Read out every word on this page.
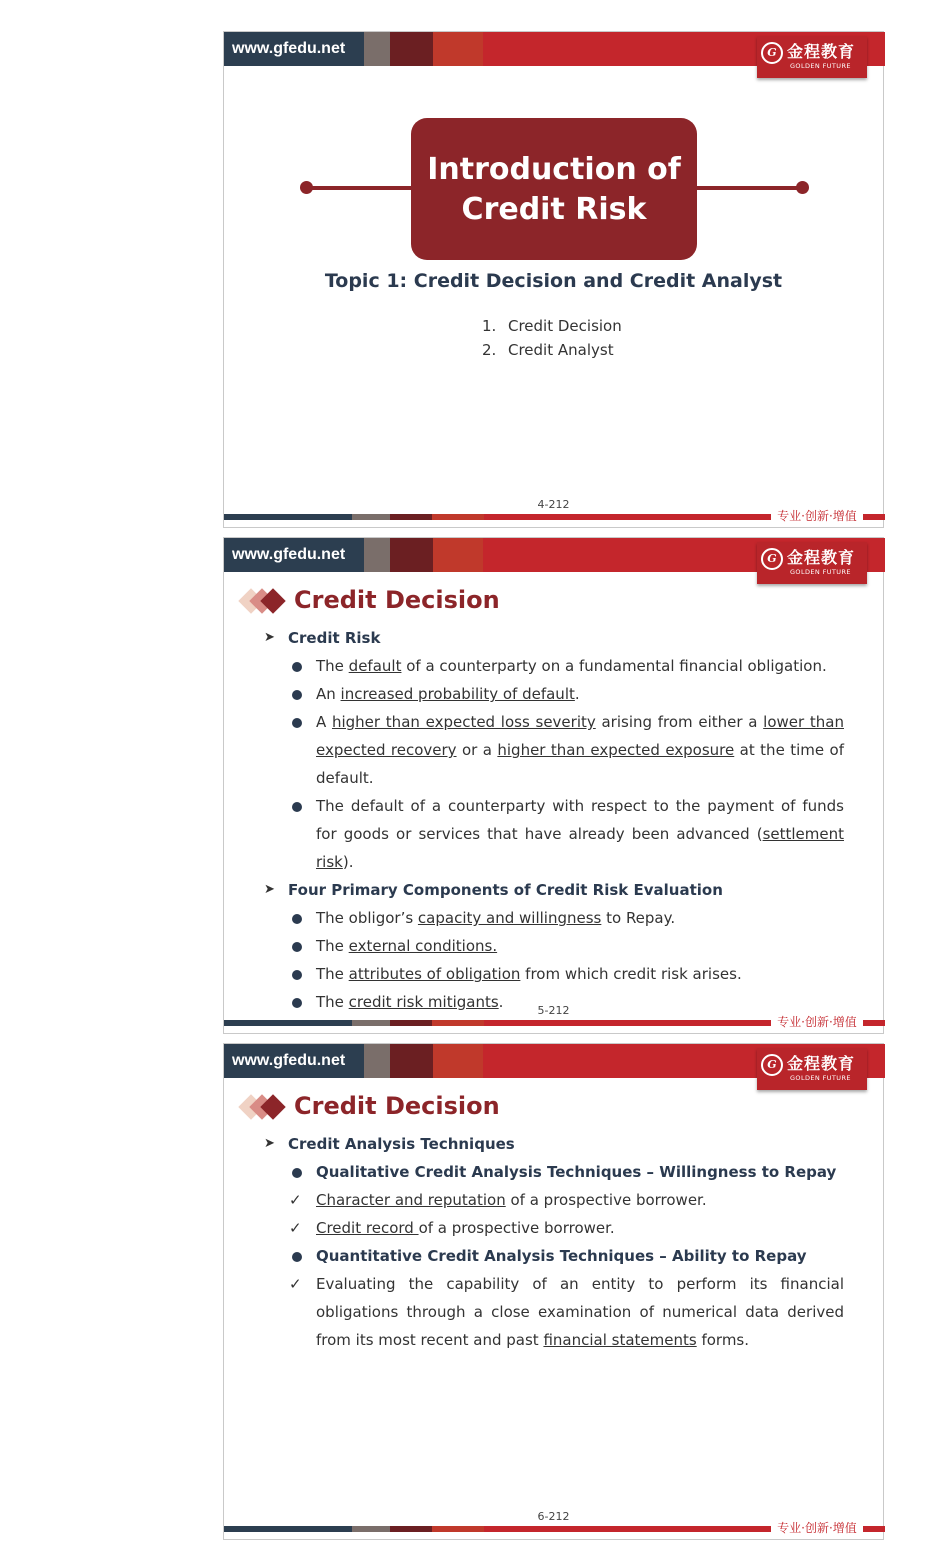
www.gfedu.net	G 金程教育
GOLDEN FUTURE
Introduction of
Credit Risk
Topic 1: Credit Decision and Credit Analyst
1. Credit Decision
2. Credit Analyst
4-212
专业·创新·增值
www.gfedu.net	G 金程教育
GOLDEN FUTURE
Credit Decision
➤ Credit Risk
The default of a counterparty on a fundamental financial obligation.
An increased probability of default.
A higher than expected loss severity arising from either a lower than expected recovery or a higher than expected exposure at the time of default.
The default of a counterparty with respect to the payment of funds for goods or services that have already been advanced (settlement risk).
➤ Four Primary Components of Credit Risk Evaluation
The obligor’s capacity and willingness to Repay.
The external conditions.
The attributes of obligation from which credit risk arises.
The credit risk mitigants.	5-212
专业·创新·增值
www.gfedu.net	G 金程教育
GOLDEN FUTURE
Credit Decision
➤ Credit Analysis Techniques
Qualitative Credit Analysis Techniques – Willingness to Repay
✓ Character and reputation of a prospective borrower.
✓ Credit record of a prospective borrower.
Quantitative Credit Analysis Techniques – Ability to Repay
✓ Evaluating the capability of an entity to perform its financial obligations through a close examination of numerical data derived from its most recent and past financial statements forms.
6-212
专业·创新·增值
